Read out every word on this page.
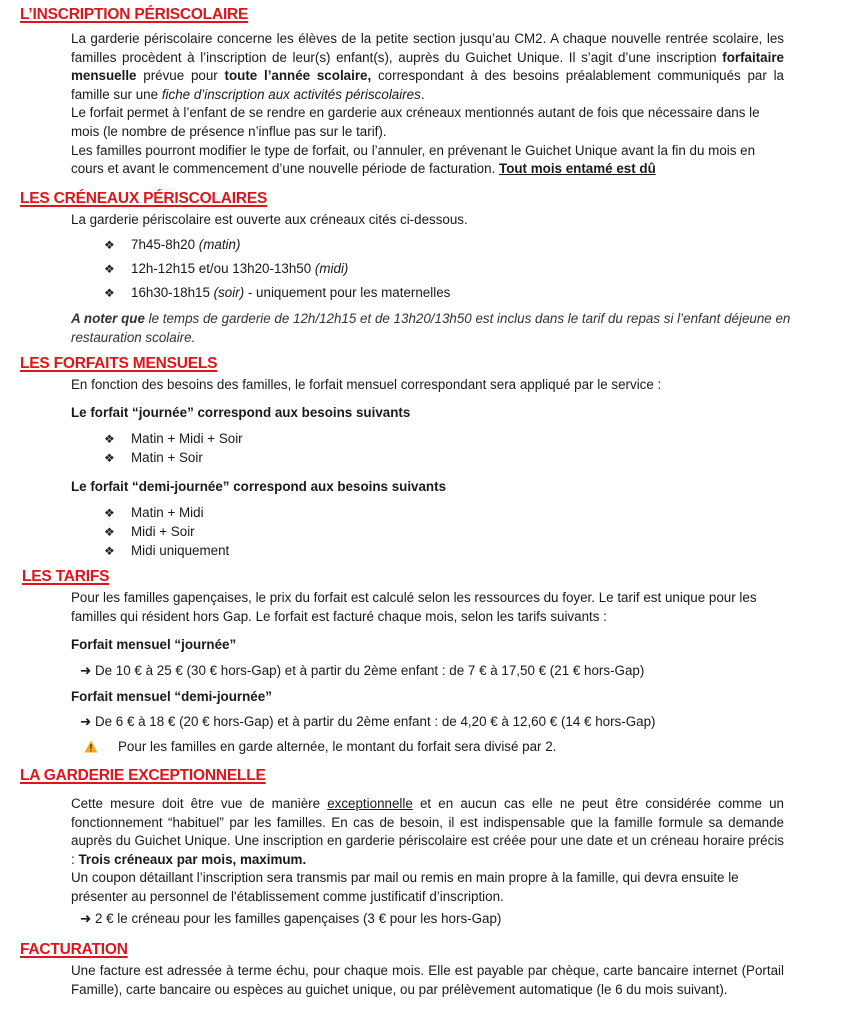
L’INSCRIPTION PÉRISCOLAIRE

La garderie périscolaire concerne les élèves de la petite section jusqu’au CM2. A chaque nouvelle rentrée scolaire, les familles procèdent à l’inscription de leur(s) enfant(s), auprès du Guichet Unique. Il s’agit d’une inscription forfaitaire mensuelle prévue pour toute l’année scolaire, correspondant à des besoins préalablement communiqués par la famille sur une fiche d’inscription aux activités périscolaires.

Le forfait permet à l’enfant de se rendre en garderie aux créneaux mentionnés autant de fois que nécessaire dans le mois (le nombre de présence n’influe pas sur le tarif).

Les familles pourront modifier le type de forfait, ou l’annuler, en prévenant le Guichet Unique avant la fin du mois en cours et avant le commencement d’une nouvelle période de facturation. Tout mois entamé est dû

LES CRÉNEAUX PÉRISCOLAIRES

La garderie périscolaire est ouverte aux créneaux cités ci-dessous.

❖ 7h45-8h20 (matin)
❖ 12h-12h15 et/ou 13h20-13h50 (midi)
❖ 16h30-18h15 (soir) - uniquement pour les maternelles

A noter que le temps de garderie de 12h/12h15 et de 13h20/13h50 est inclus dans le tarif du repas si l’enfant déjeune en restauration scolaire.

LES FORFAITS MENSUELS

En fonction des besoins des familles, le forfait mensuel correspondant sera appliqué par le service :

Le forfait “journée” correspond aux besoins suivants

❖ Matin + Midi + Soir
❖ Matin + Soir

Le forfait “demi-journée” correspond aux besoins suivants

❖ Matin + Midi
❖ Midi + Soir
❖ Midi uniquement
LES TARIFS

Pour les familles gapençaises, le prix du forfait est calculé selon les ressources du foyer. Le tarif est unique pour les familles qui résident hors Gap. Le forfait est facturé chaque mois, selon les tarifs suivants :

Forfait mensuel “journée”

➜ De 10 € à 25 € (30 € hors-Gap) et à partir du 2ème enfant : de 7 € à 17,50 € (21 € hors-Gap)

Forfait mensuel “demi-journée”

➜ De 6 € à 18 € (20 € hors-Gap) et à partir du 2ème enfant : de 4,20 € à 12,60 € (14 € hors-Gap)

Pour les familles en garde alternée, le montant du forfait sera divisé par 2.

LA GARDERIE EXCEPTIONNELLE

Cette mesure doit être vue de manière exceptionnelle et en aucun cas elle ne peut être considérée comme un fonctionnement “habituel” par les familles. En cas de besoin, il est indispensable que la famille formule sa demande auprès du Guichet Unique. Une inscription en garderie périscolaire est créée pour une date et un créneau horaire précis : Trois créneaux par mois, maximum.

Un coupon détaillant l’inscription sera transmis par mail ou remis en main propre à la famille, qui devra ensuite le présenter au personnel de l'établissement comme justificatif d’inscription.

➜ 2 € le créneau pour les familles gapençaises (3 € pour les hors-Gap)

FACTURATION

Une facture est adressée à terme échu, pour chaque mois. Elle est payable par chèque, carte bancaire internet (Portail Famille), carte bancaire ou espèces au guichet unique, ou par prélèvement automatique (le 6 du mois suivant).
